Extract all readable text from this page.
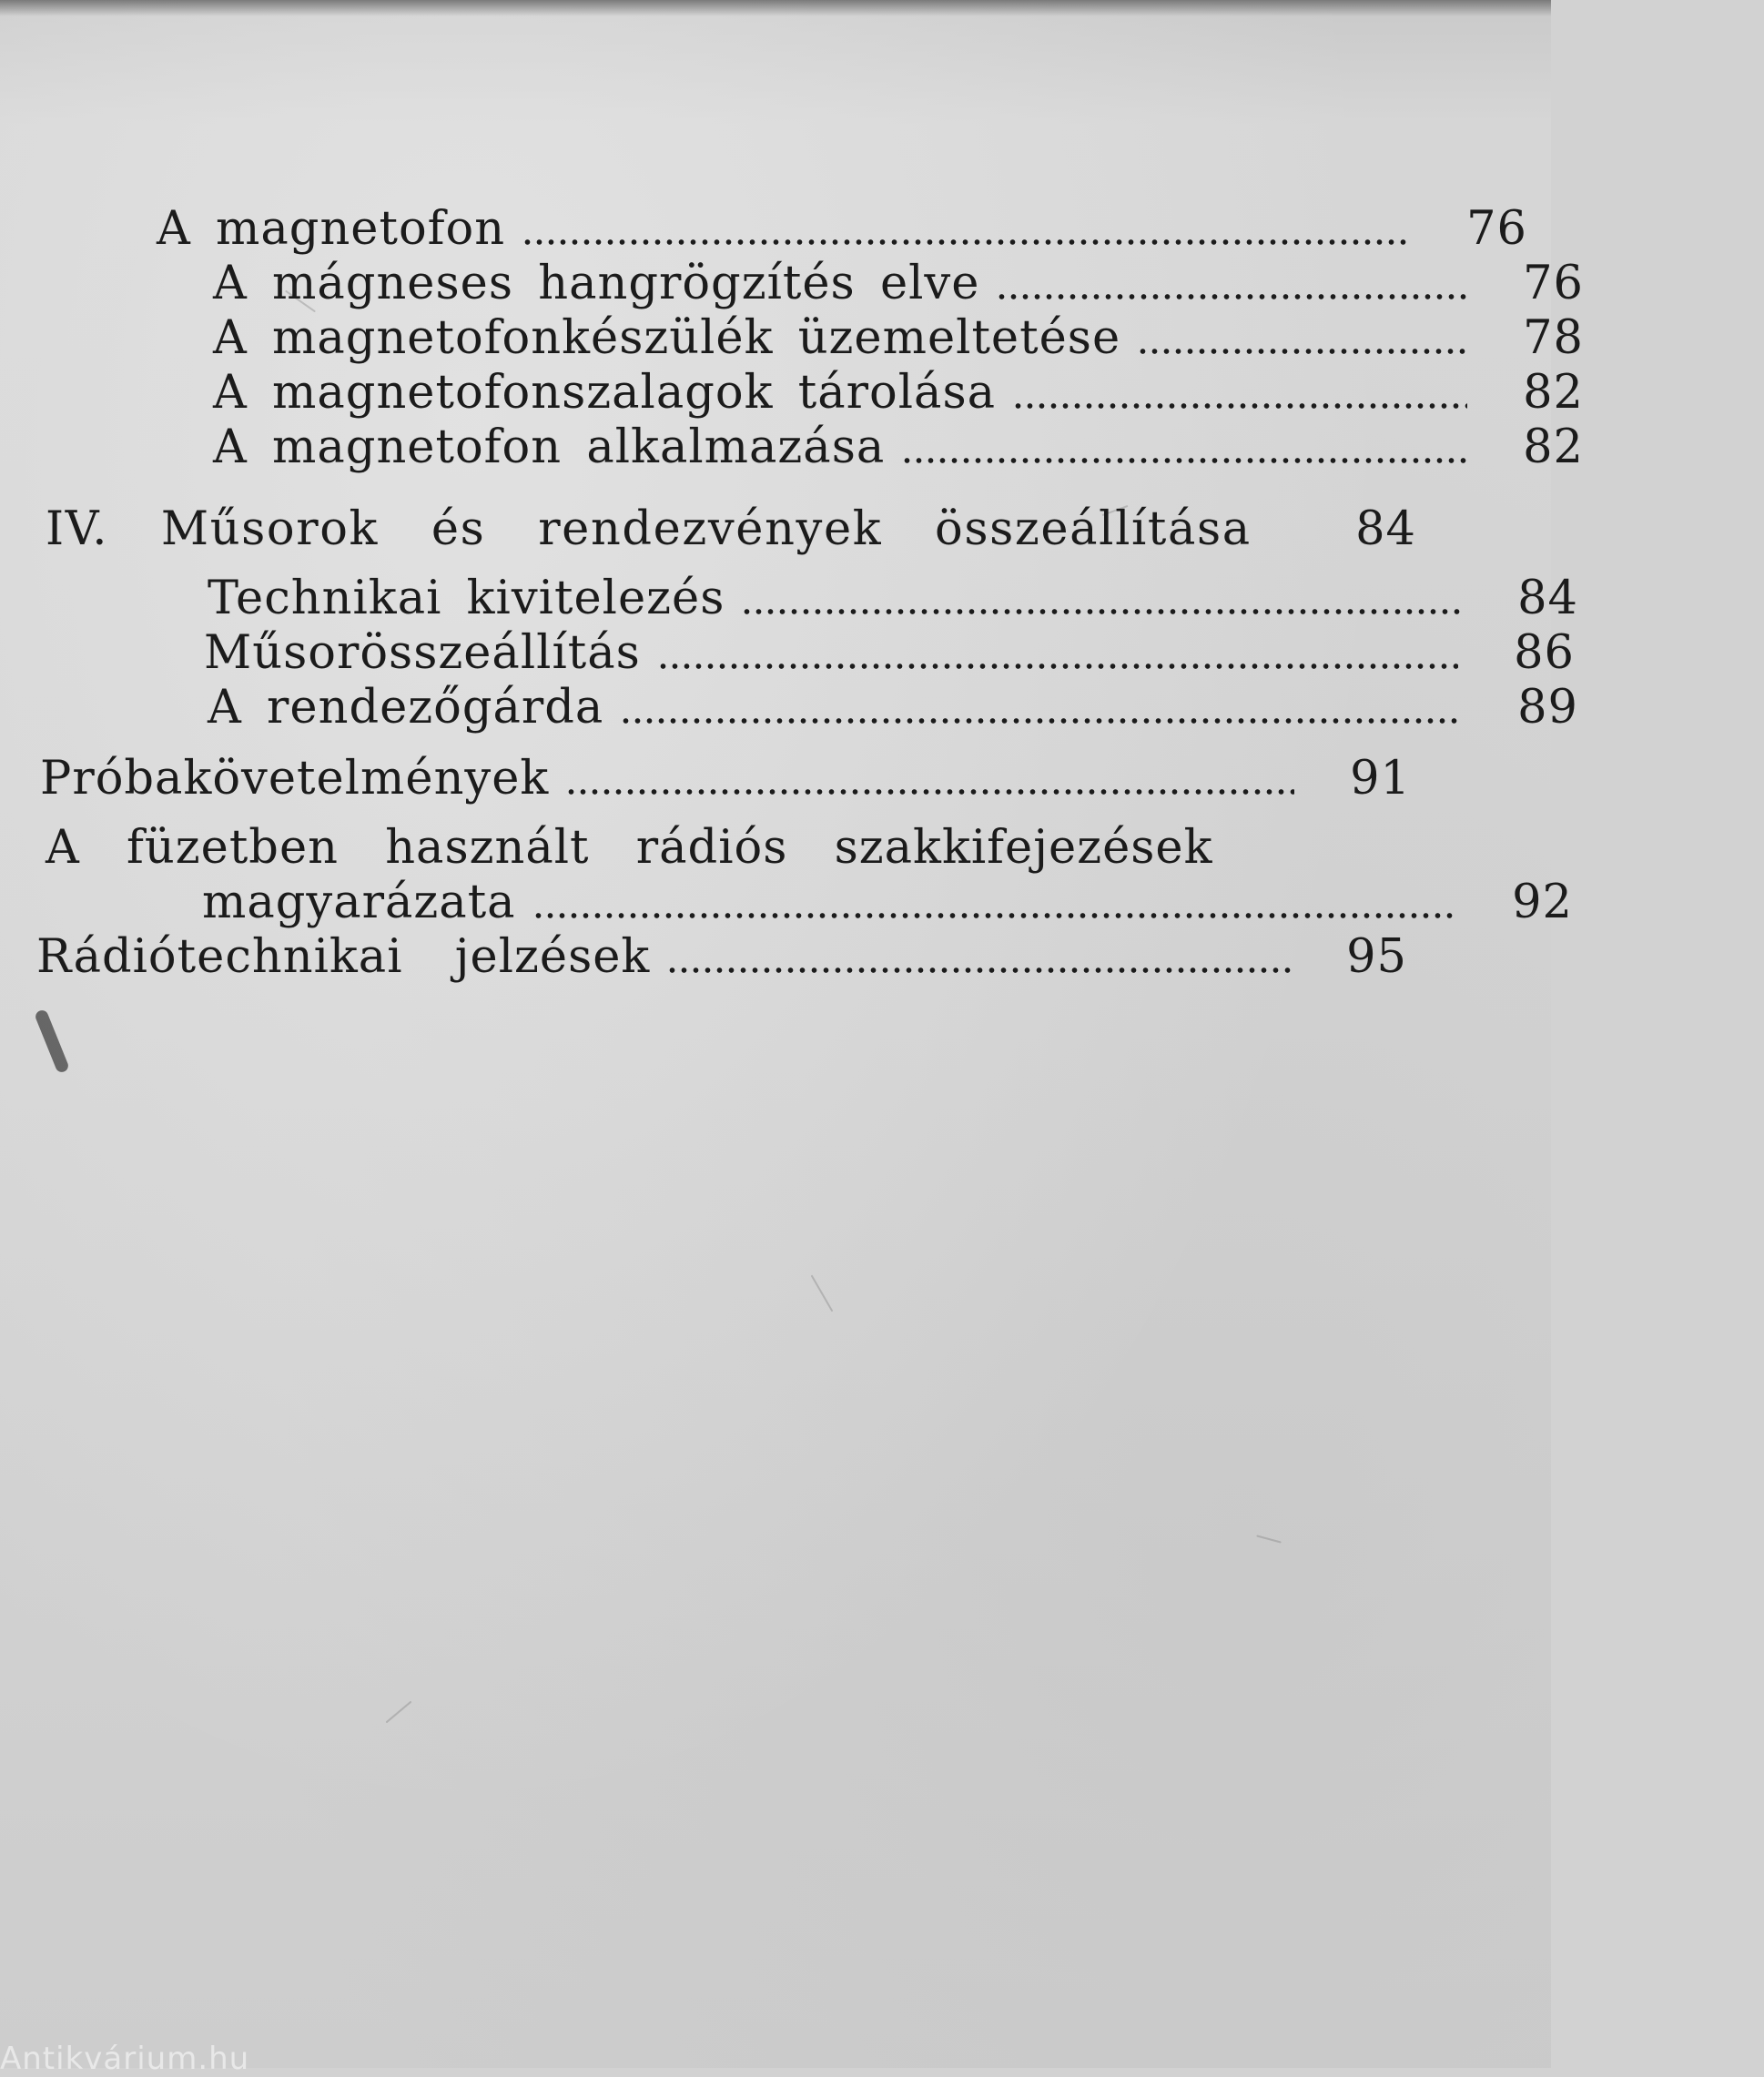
A magnetofon	76
A mágneses hangrögzítés elve	76
A magnetofonkészülék üzemeltetése	78
A magnetofonszalagok tárolása	82
A magnetofon alkalmazása	82
IV. Műsorok és rendezvények összeállítása 84
Technikai kivitelezés	84
Műsorösszeállítás	86
A rendezőgárda	89
Próbakövetelmények	91
A füzetben használt rádiós szakkifejezések
magyarázata	92
Rádiótechnikai jelzések	95
Antikvárium.hu
